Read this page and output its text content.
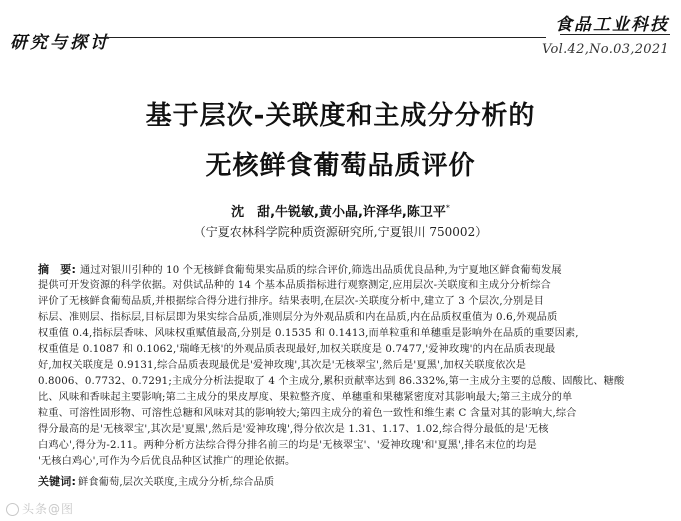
研究与探讨
食品工业科技
Vol.42,No.03,2021
基于层次-关联度和主成分分析的
无核鲜食葡萄品质评价
沈　甜,牛锐敏,黄小晶,许泽华,陈卫平*
（宁夏农林科学院种质资源研究所,宁夏银川 750002）
摘　要: 通过对银川引种的 10 个无核鲜食葡萄果实品质的综合评价,筛选出品质优良品种,为宁夏地区鲜食葡萄发展
提供可开发资源的科学依据。对供试品种的 14 个基本品质指标进行观察测定,应用层次-关联度和主成分分析综合
评价了无核鲜食葡萄品质,并根据综合得分进行排序。结果表明,在层次-关联度分析中,建立了 3 个层次,分别是目
标层、准则层、指标层,目标层即为果实综合品质,准则层分为外观品质和内在品质,内在品质权重值为 0.6,外观品质
权重值 0.4,指标层香味、风味权重赋值最高,分别是 0.1535 和 0.1413,而单粒重和单穗重是影响外在品质的重要因素,
权重值是 0.1087 和 0.1062,'瑞峰无核'的外观品质表现最好,加权关联度是 0.7477,'爱神玫瑰'的内在品质表现最
好,加权关联度是 0.9131,综合品质表现最优是'爱神玫瑰',其次是'无核翠宝',然后是'夏黑',加权关联度依次是
0.8006、0.7732、0.7291;主成分分析法提取了 4 个主成分,累积贡献率达到 86.332%,第一主成分主要的总酸、固酸比、糖酸
比、风味和香味起主要影响;第二主成分的果皮厚度、果粒整齐度、单穗重和果穗紧密度对其影响最大;第三主成分的单
粒重、可溶性固形物、可溶性总糖和风味对其的影响较大;第四主成分的着色一致性和维生素 C 含量对其的影响大,综合
得分最高的是'无核翠宝',其次是'夏黑',然后是'爱神玫瑰',得分依次是 1.31、1.17、1.02,综合得分最低的是'无核
白鸡心',得分为-2.11。两种分析方法综合得分排名前三的均是'无核翠宝'、'爱神玫瑰'和'夏黑',排名末位的均是
'无核白鸡心',可作为今后优良品种区试推广的理论依据。
关键词: 鲜食葡萄,层次关联度,主成分分析,综合品质
头条@图
